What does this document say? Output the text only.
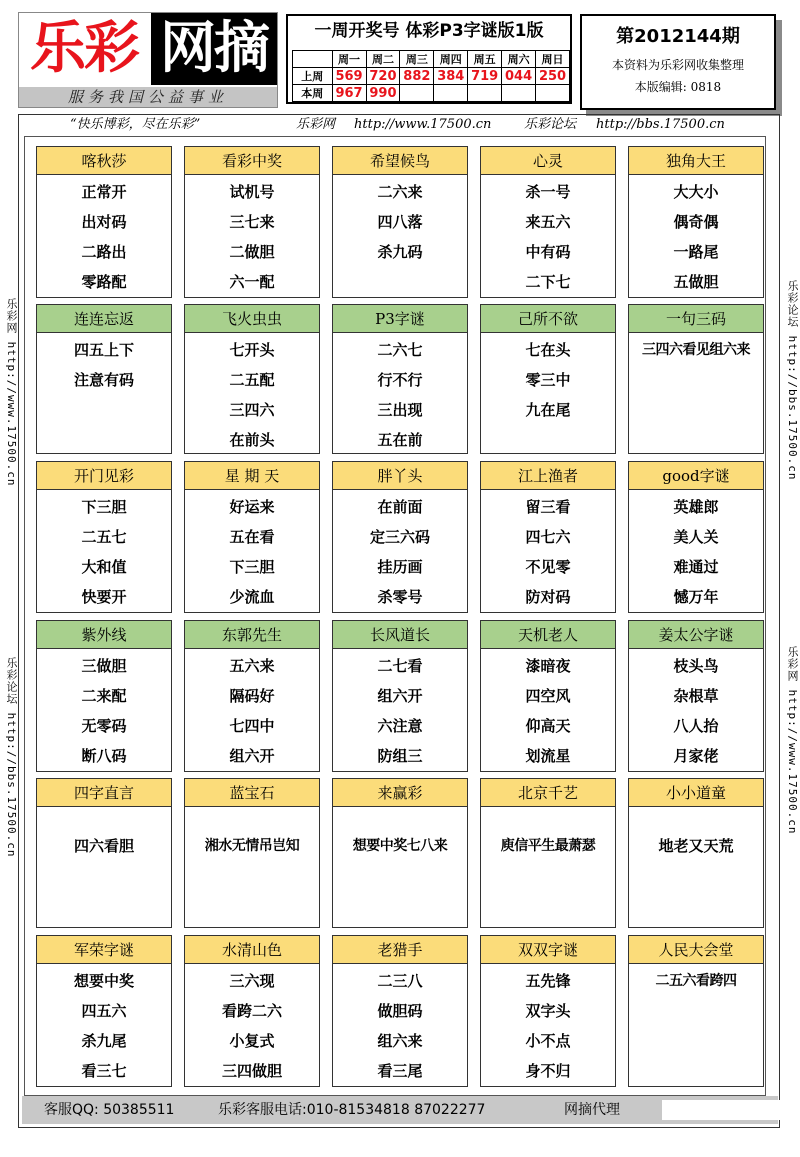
乐彩 网摘
服务我国公益事业
一周开奖号 体彩P3字谜版1版
	周一	周二	周三	周四	周五	周六	周日
上周	569	720	882	384	719	044	250
本周	967	990					
第2012144期
本资料为乐彩网收集整理
本版编辑: 0818
“快乐博彩，尽在乐彩”	乐彩网 http://www.17500.cn	乐彩论坛 http://bbs.17500.cn
乐彩网 http://www.17500.cn
乐彩论坛 http://bbs.17500.cn
乐彩论坛 http://bbs.17500.cn
乐彩网 http://www.17500.cn
喀秋莎
正常开
出对码
二路出
零路配
看彩中奖
试机号
三七来
二做胆
六一配
希望候鸟
二六来
四八落
杀九码
心灵
杀一号
来五六
中有码
二下七
独角大王
大大小
偶奇偶
一路尾
五做胆
连连忘返
四五上下
注意有码
飞火虫虫
七开头
二五配
三四六
在前头
P3字谜
二六七
行不行
三出现
五在前
己所不欲
七在头
零三中
九在尾
一句三码
三四六看见组六来
开门见彩
下三胆
二五七
大和值
快要开
星 期 天
好运来
五在看
下三胆
少流血
胖丫头
在前面
定三六码
挂历画
杀零号
江上渔者
留三看
四七六
不见零
防对码
good字谜
英雄郎
美人关
难通过
憾万年
紫外线
三做胆
二来配
无零码
断八码
东郭先生
五六来
隔码好
七四中
组六开
长风道长
二七看
组六开
六注意
防组三
天机老人
漆暗夜
四空风
仰高天
划流星
姜太公字谜
枝头鸟
杂根草
八人抬
月家佬
四字直言
四六看胆
蓝宝石
湘水无情吊岂知
来赢彩
想要中奖七八来
北京千艺
庾信平生最萧瑟
小小道童
地老又天荒
军荣字谜
想要中奖
四五六
杀九尾
看三七
水清山色
三六现
看跨二六
小复式
三四做胆
老猎手
二三八
做胆码
组六来
看三尾
双双字谜
五先锋
双字头
小不点
身不归
人民大会堂
二五六看跨四
客服QQ: 50385511	乐彩客服电话:010-81534818 87022277	网摘代理
